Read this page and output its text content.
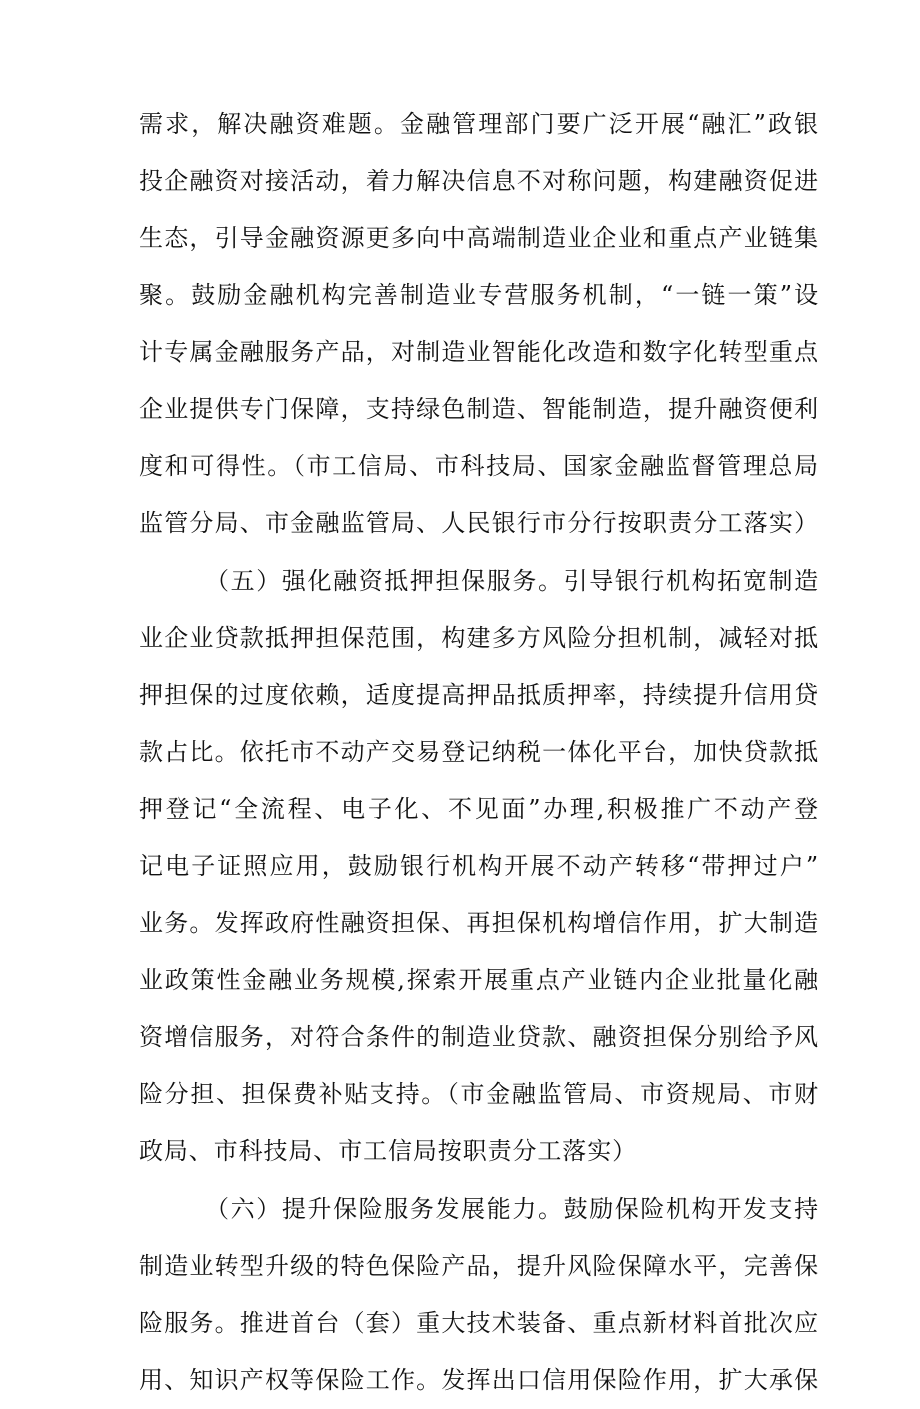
需求，解决融资难题。金融管理部门要广泛开展“融汇”政银
投企融资对接活动，着力解决信息不对称问题，构建融资促进
生态，引导金融资源更多向中高端制造业企业和重点产业链集
聚。鼓励金融机构完善制造业专营服务机制，“一链一策”设
计专属金融服务产品，对制造业智能化改造和数字化转型重点
企业提供专门保障，支持绿色制造、智能制造，提升融资便利
度和可得性。（市工信局、市科技局、国家金融监督管理总局
监管分局、市金融监管局、人民银行市分行按职责分工落实）
（五）强化融资抵押担保服务。引导银行机构拓宽制造
业企业贷款抵押担保范围，构建多方风险分担机制，减轻对抵
押担保的过度依赖，适度提高押品抵质押率，持续提升信用贷
款占比。依托市不动产交易登记纳税一体化平台，加快贷款抵
押登记“全流程、电子化、不见面”办理,积极推广不动产登
记电子证照应用，鼓励银行机构开展不动产转移“带押过户”
业务。发挥政府性融资担保、再担保机构增信作用，扩大制造
业政策性金融业务规模,探索开展重点产业链内企业批量化融
资增信服务，对符合条件的制造业贷款、融资担保分别给予风
险分担、担保费补贴支持。（市金融监管局、市资规局、市财
政局、市科技局、市工信局按职责分工落实）
（六）提升保险服务发展能力。鼓励保险机构开发支持
制造业转型升级的特色保险产品，提升风险保障水平，完善保
险服务。推进首台（套）重大技术装备、重点新材料首批次应
用、知识产权等保险工作。发挥出口信用保险作用，扩大承保
